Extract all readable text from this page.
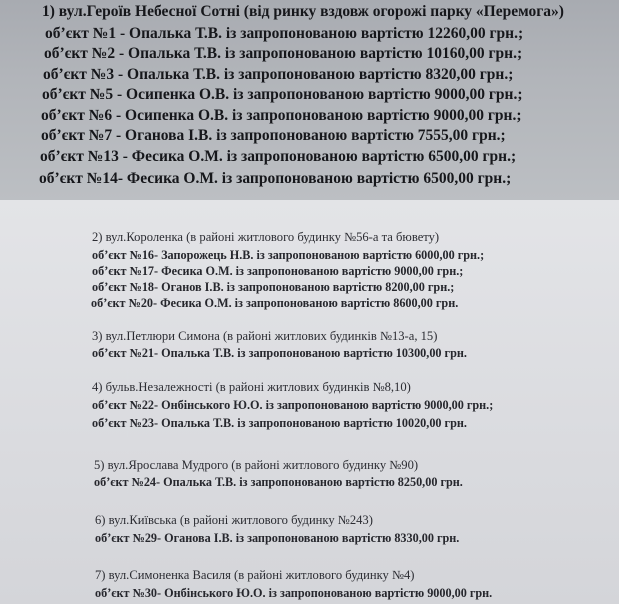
1) вул.Героїв Небесної Сотні (від ринку вздовж огорожі парку «Перемога»)
об’єкт №1 - Опалька Т.В. із запропонованою вартістю 12260,00 грн.;
об’єкт №2 - Опалька Т.В. із запропонованою вартістю 10160,00 грн.;
об’єкт №3 - Опалька Т.В. із запропонованою вартістю 8320,00 грн.;
об’єкт №5 - Осипенка О.В. із запропонованою вартістю 9000,00 грн.;
об’єкт №6 - Осипенка О.В. із запропонованою вартістю 9000,00 грн.;
об’єкт №7 - Оганова І.В. із запропонованою вартістю 7555,00 грн.;
об’єкт №13 - Фесика О.М. із запропонованою вартістю 6500,00 грн.;
об’єкт №14- Фесика О.М. із запропонованою вартістю 6500,00 грн.;
2) вул.Короленка (в районі житлового будинку №56-а та бювету)
об’єкт №16- Запорожець Н.В. із запропонованою вартістю 6000,00 грн.;
об’єкт №17- Фесика О.М. із запропонованою вартістю 9000,00 грн.;
об’єкт №18- Оганов І.В. із запропонованою вартістю 8200,00 грн.;
об’єкт №20- Фесика О.М. із запропонованою вартістю 8600,00 грн.
3) вул.Петлюри Симона (в районі житлових будинків №13-а, 15)
об’єкт №21- Опалька Т.В. із запропонованою вартістю 10300,00 грн.
4) бульв.Незалежності (в районі житлових будинків №8,10)
об’єкт №22- Онбінського Ю.О. із запропонованою вартістю 9000,00 грн.;
об’єкт №23- Опалька Т.В. із запропонованою вартістю 10020,00 грн.
5) вул.Ярослава Мудрого (в районі житлового будинку №90)
об’єкт №24- Опалька Т.В. із запропонованою вартістю 8250,00 грн.
6) вул.Київська (в районі житлового будинку №243)
об’єкт №29- Оганова І.В. із запропонованою вартістю 8330,00 грн.
7) вул.Симоненка Василя (в районі житлового будинку №4)
об’єкт №30- Онбінського Ю.О. із запропонованою вартістю 9000,00 грн.
